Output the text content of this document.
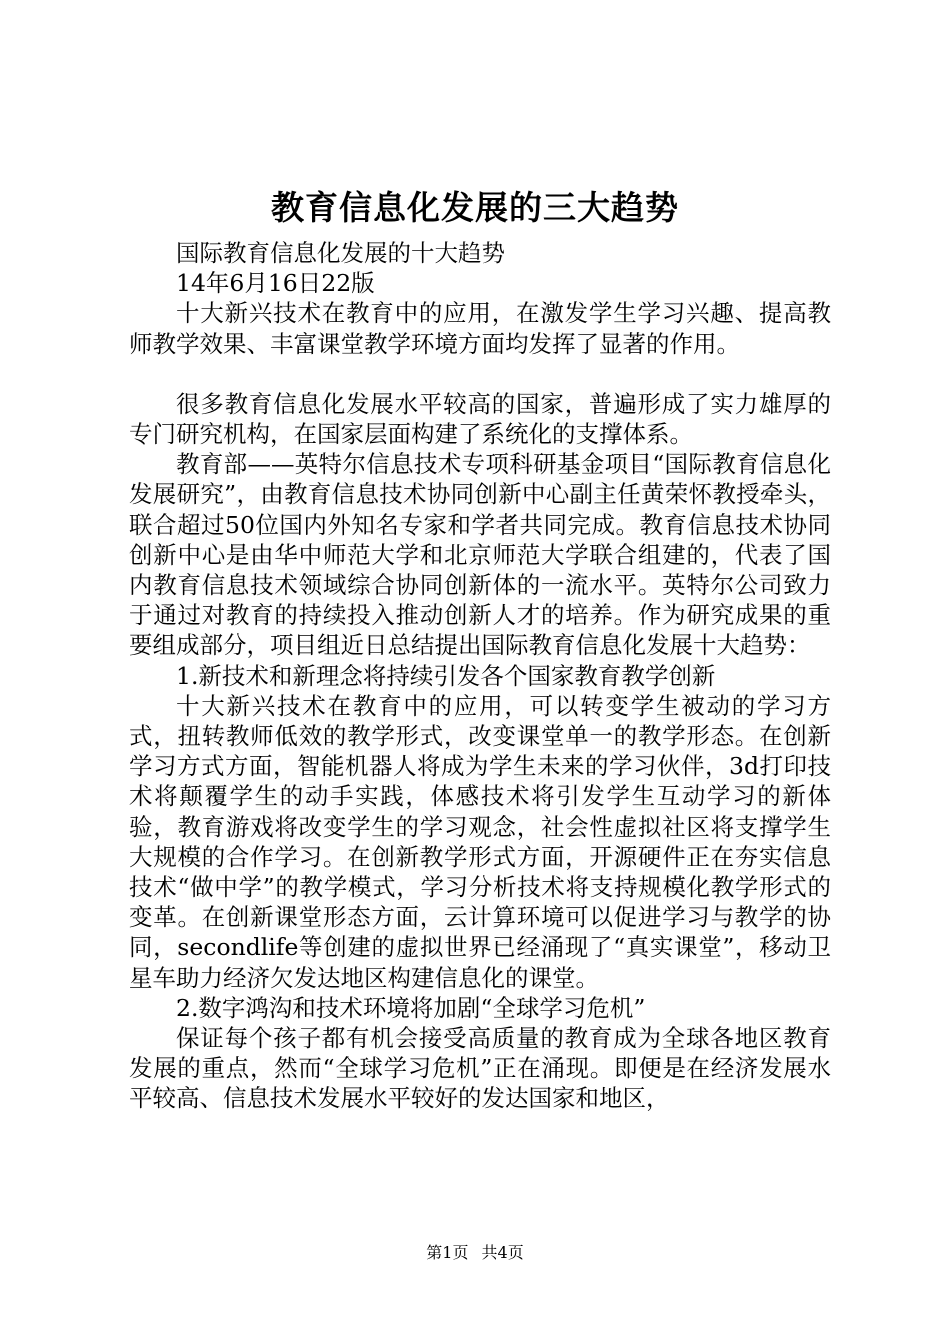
教育信息化发展的三大趋势

国际教育信息化发展的十大趋势

14年6月16日22版

十大新兴技术在教育中的应用，在激发学生学习兴趣、提高教师教学效果、丰富课堂教学环境方面均发挥了显著的作用。

很多教育信息化发展水平较高的国家，普遍形成了实力雄厚的专门研究机构，在国家层面构建了系统化的支撑体系。

教育部——英特尔信息技术专项科研基金项目“国际教育信息化发展研究”，由教育信息技术协同创新中心副主任黄荣怀教授牵头，联合超过50位国内外知名专家和学者共同完成。教育信息技术协同创新中心是由华中师范大学和北京师范大学联合组建的，代表了国内教育信息技术领域综合协同创新体的一流水平。英特尔公司致力于通过对教育的持续投入推动创新人才的培养。作为研究成果的重要组成部分，项目组近日总结提出国际教育信息化发展十大趋势：

1.新技术和新理念将持续引发各个国家教育教学创新

十大新兴技术在教育中的应用，可以转变学生被动的学习方式，扭转教师低效的教学形式，改变课堂单一的教学形态。在创新学习方式方面，智能机器人将成为学生未来的学习伙伴，3d打印技术将颠覆学生的动手实践，体感技术将引发学生互动学习的新体验，教育游戏将改变学生的学习观念，社会性虚拟社区将支撑学生大规模的合作学习。在创新教学形式方面，开源硬件正在夯实信息技术“做中学”的教学模式，学习分析技术将支持规模化教学形式的变革。在创新课堂形态方面，云计算环境可以促进学习与教学的协同，secondlife等创建的虚拟世界已经涌现了“真实课堂”，移动卫星车助力经济欠发达地区构建信息化的课堂。

2.数字鸿沟和技术环境将加剧“全球学习危机”

保证每个孩子都有机会接受高质量的教育成为全球各地区教育发展的重点，然而“全球学习危机”正在涌现。即便是在经济发展水平较高、信息技术发展水平较好的发达国家和地区，

第1页 共4页
